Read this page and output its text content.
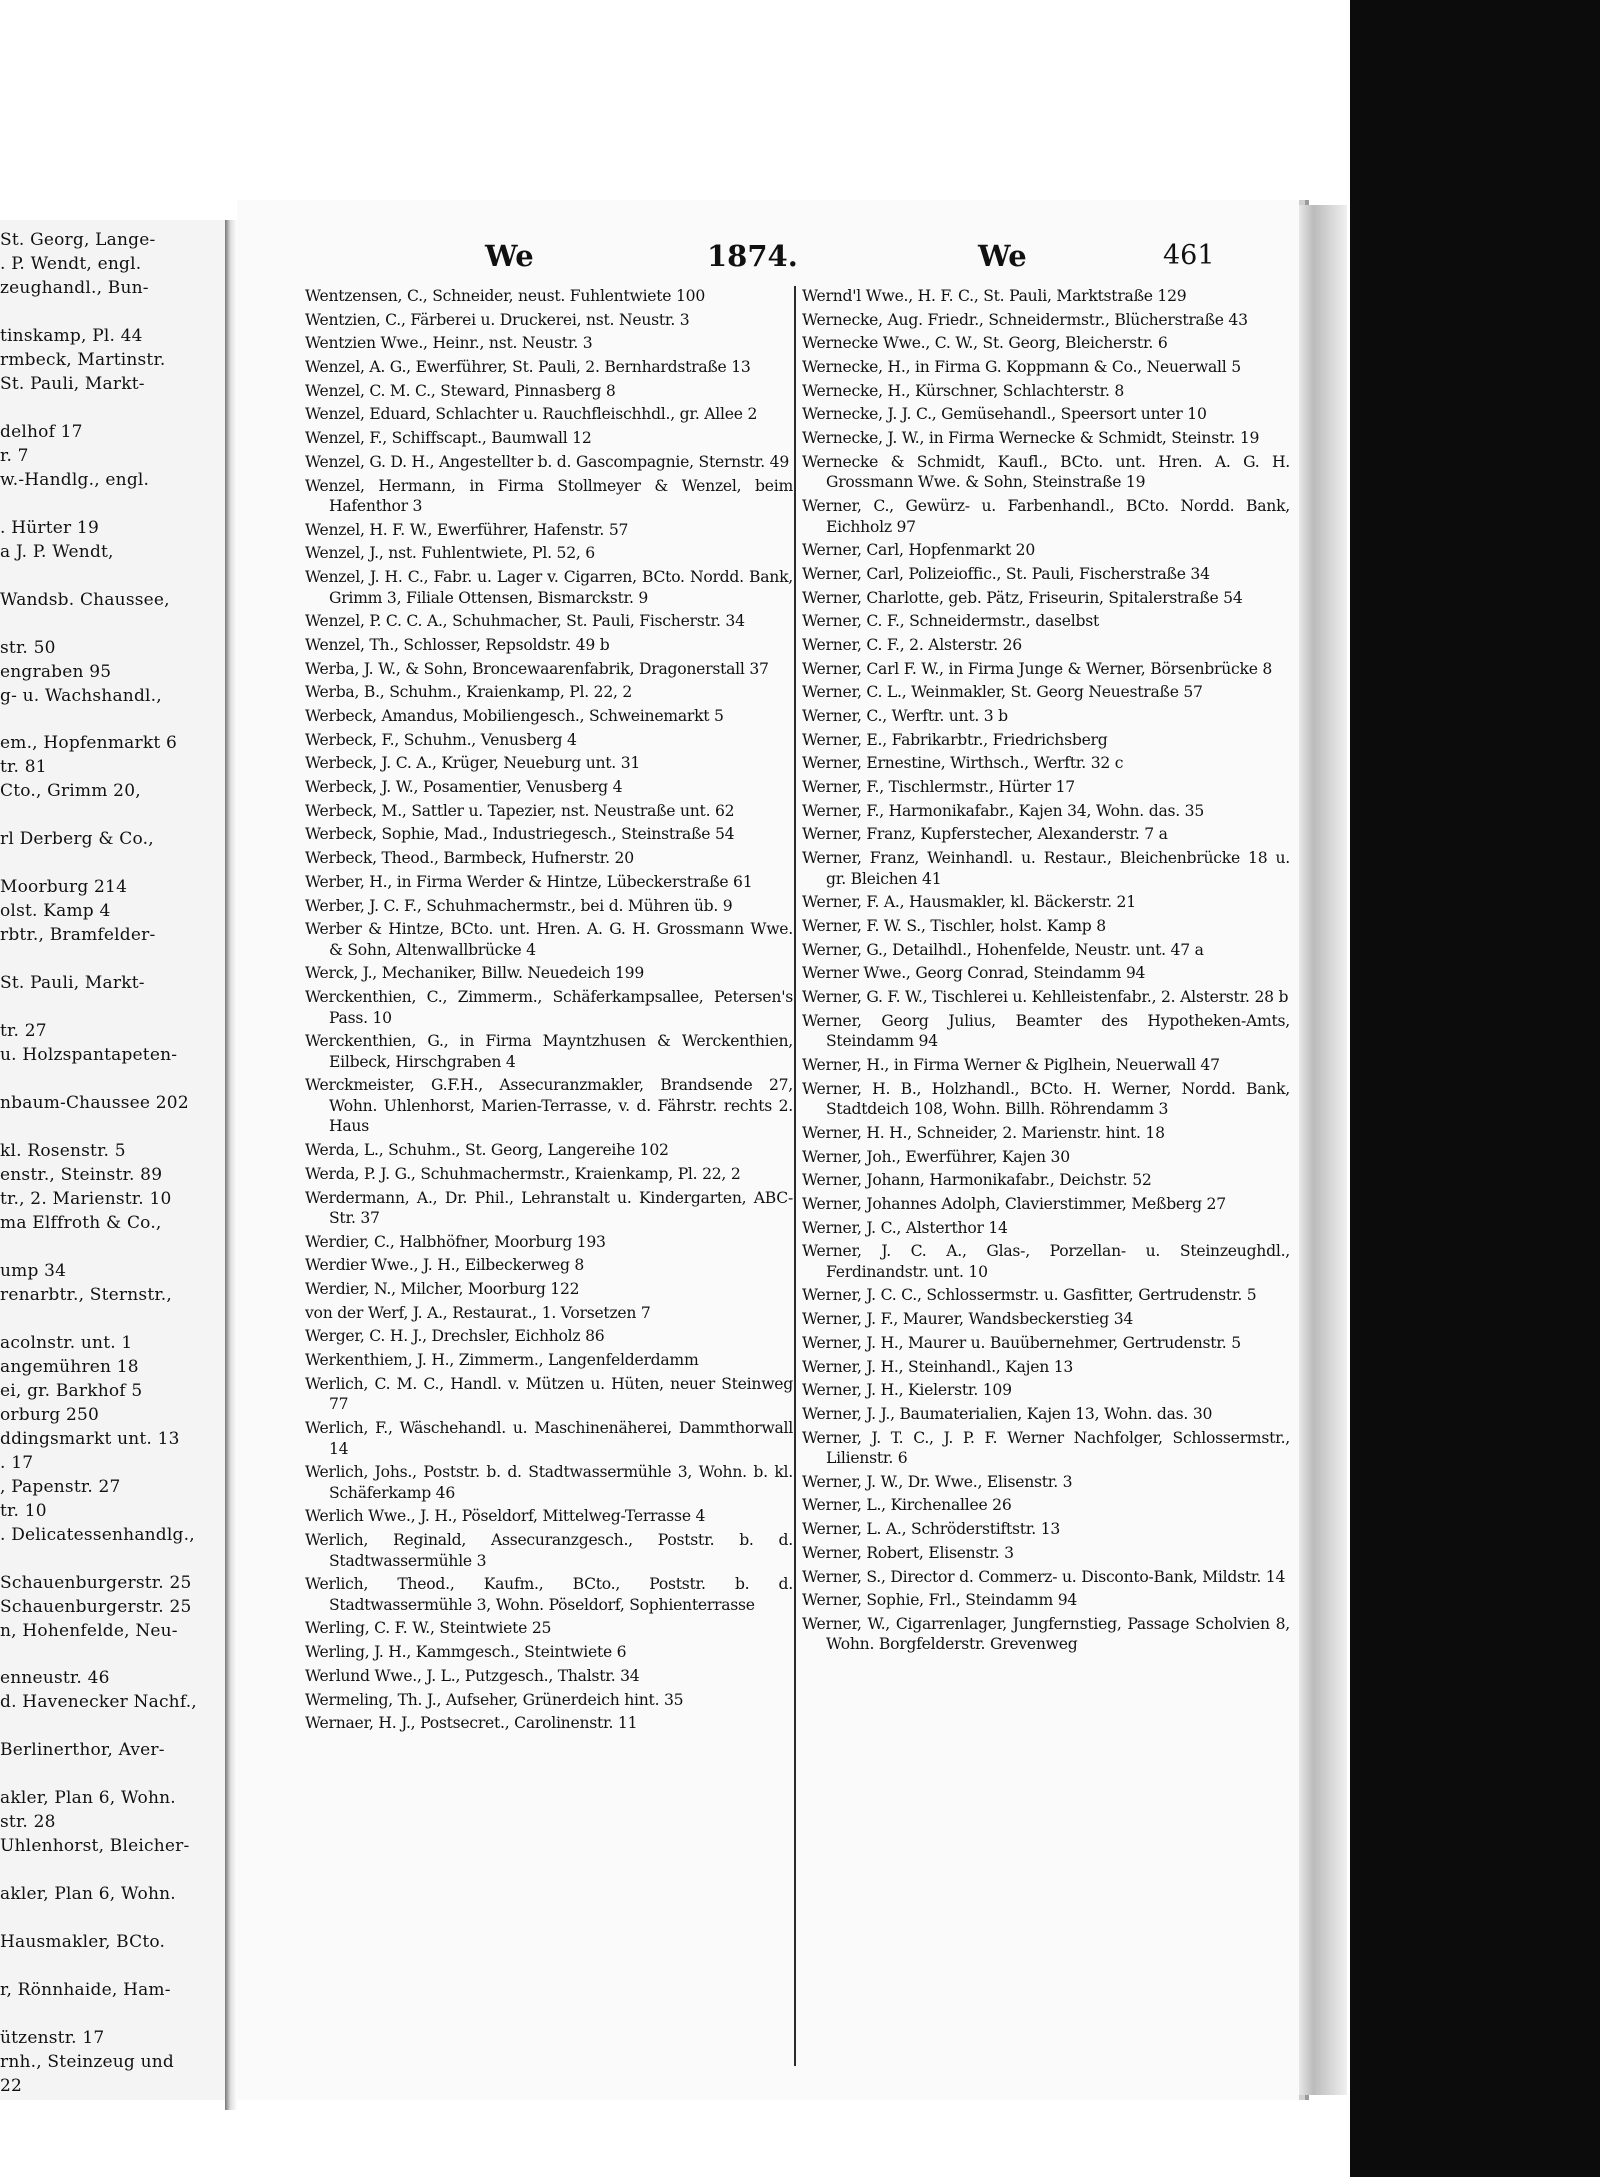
St. Georg, Lange-
. P. Wendt, engl.
zeughandl., Bun-
tinskamp, Pl. 44
rmbeck, Martinstr.
St. Pauli, Markt-
delhof 17
r. 7
w.-Handlg., engl.
. Hürter 19
a J. P. Wendt,
Wandsb. Chaussee,
str. 50
engraben 95
g- u. Wachshandl.,
em., Hopfenmarkt 6
tr. 81
Cto., Grimm 20,
rl Derberg & Co.,
Moorburg 214
olst. Kamp 4
rbtr., Bramfelder-
St. Pauli, Markt-
tr. 27
u. Holzspantapeten-
nbaum-Chaussee 202
kl. Rosenstr. 5
enstr., Steinstr. 89
tr., 2. Marienstr. 10
ma Elffroth & Co.,
ump 34
renarbtr., Sternstr.,
acolnstr. unt. 1
angemühren 18
ei, gr. Barkhof 5
orburg 250
ddingsmarkt unt. 13
. 17
, Papenstr. 27
tr. 10
. Delicatessenhandlg.,
Schauenburgerstr. 25
Schauenburgerstr. 25
n, Hohenfelde, Neu-
enneustr. 46
d. Havenecker Nachf.,
Berlinerthor, Aver-
akler, Plan 6, Wohn.
str. 28
Uhlenhorst, Bleicher-
akler, Plan 6, Wohn.
Hausmakler, BCto.
r, Rönnhaide, Ham-
ützenstr. 17
rnh., Steinzeug und
22
We	1874.	We	461
Wentzensen, C., Schneider, neust. Fuhlentwiete 100
Wentzien, C., Färberei u. Druckerei, nst. Neustr. 3
Wentzien Wwe., Heinr., nst. Neustr. 3
Wenzel, A. G., Ewerführer, St. Pauli, 2. Bernhardstraße 13
Wenzel, C. M. C., Steward, Pinnasberg 8
Wenzel, Eduard, Schlachter u. Rauchfleischhdl., gr. Allee 2
Wenzel, F., Schiffscapt., Baumwall 12
Wenzel, G. D. H., Angestellter b. d. Gascompagnie, Sternstr. 49
Wenzel, Hermann, in Firma Stollmeyer & Wenzel, beim Hafenthor 3
Wenzel, H. F. W., Ewerführer, Hafenstr. 57
Wenzel, J., nst. Fuhlentwiete, Pl. 52, 6
Wenzel, J. H. C., Fabr. u. Lager v. Cigarren, BCto. Nordd. Bank, Grimm 3, Filiale Ottensen, Bismarckstr. 9
Wenzel, P. C. C. A., Schuhmacher, St. Pauli, Fischerstr. 34
Wenzel, Th., Schlosser, Repsoldstr. 49 b
Werba, J. W., & Sohn, Broncewaarenfabrik, Dragonerstall 37
Werba, B., Schuhm., Kraienkamp, Pl. 22, 2
Werbeck, Amandus, Mobiliengesch., Schweinemarkt 5
Werbeck, F., Schuhm., Venusberg 4
Werbeck, J. C. A., Krüger, Neueburg unt. 31
Werbeck, J. W., Posamentier, Venusberg 4
Werbeck, M., Sattler u. Tapezier, nst. Neustraße unt. 62
Werbeck, Sophie, Mad., Industriegesch., Steinstraße 54
Werbeck, Theod., Barmbeck, Hufnerstr. 20
Werber, H., in Firma Werder & Hintze, Lübeckerstraße 61
Werber, J. C. F., Schuhmachermstr., bei d. Mühren üb. 9
Werber & Hintze, BCto. unt. Hren. A. G. H. Grossmann Wwe. & Sohn, Altenwallbrücke 4
Werck, J., Mechaniker, Billw. Neuedeich 199
Werckenthien, C., Zimmerm., Schäferkampsallee, Petersen's Pass. 10
Werckenthien, G., in Firma Mayntzhusen & Werckenthien, Eilbeck, Hirschgraben 4
Werckmeister, G.F.H., Assecuranzmakler, Brandsende 27, Wohn. Uhlenhorst, Marien-Terrasse, v. d. Fährstr. rechts 2. Haus
Werda, L., Schuhm., St. Georg, Langereihe 102
Werda, P. J. G., Schuhmachermstr., Kraienkamp, Pl. 22, 2
Werdermann, A., Dr. Phil., Lehranstalt u. Kindergarten, ABC-Str. 37
Werdier, C., Halbhöfner, Moorburg 193
Werdier Wwe., J. H., Eilbeckerweg 8
Werdier, N., Milcher, Moorburg 122
von der Werf, J. A., Restaurat., 1. Vorsetzen 7
Werger, C. H. J., Drechsler, Eichholz 86
Werkenthiem, J. H., Zimmerm., Langenfelderdamm
Werlich, C. M. C., Handl. v. Mützen u. Hüten, neuer Steinweg 77
Werlich, F., Wäschehandl. u. Maschinenäherei, Dammthorwall 14
Werlich, Johs., Poststr. b. d. Stadtwassermühle 3, Wohn. b. kl. Schäferkamp 46
Werlich Wwe., J. H., Pöseldorf, Mittelweg-Terrasse 4
Werlich, Reginald, Assecuranzgesch., Poststr. b. d. Stadtwassermühle 3
Werlich, Theod., Kaufm., BCto., Poststr. b. d. Stadtwassermühle 3, Wohn. Pöseldorf, Sophienterrasse
Werling, C. F. W., Steintwiete 25
Werling, J. H., Kammgesch., Steintwiete 6
Werlund Wwe., J. L., Putzgesch., Thalstr. 34
Wermeling, Th. J., Aufseher, Grünerdeich hint. 35
Wernaer, H. J., Postsecret., Carolinenstr. 11
Wernd'l Wwe., H. F. C., St. Pauli, Marktstraße 129
Wernecke, Aug. Friedr., Schneidermstr., Blücherstraße 43
Wernecke Wwe., C. W., St. Georg, Bleicherstr. 6
Wernecke, H., in Firma G. Koppmann & Co., Neuerwall 5
Wernecke, H., Kürschner, Schlachterstr. 8
Wernecke, J. J. C., Gemüsehandl., Speersort unter 10
Wernecke, J. W., in Firma Wernecke & Schmidt, Steinstr. 19
Wernecke & Schmidt, Kaufl., BCto. unt. Hren. A. G. H. Grossmann Wwe. & Sohn, Steinstraße 19
Werner, C., Gewürz- u. Farbenhandl., BCto. Nordd. Bank, Eichholz 97
Werner, Carl, Hopfenmarkt 20
Werner, Carl, Polizeioffic., St. Pauli, Fischerstraße 34
Werner, Charlotte, geb. Pätz, Friseurin, Spitalerstraße 54
Werner, C. F., Schneidermstr., daselbst
Werner, C. F., 2. Alsterstr. 26
Werner, Carl F. W., in Firma Junge & Werner, Börsenbrücke 8
Werner, C. L., Weinmakler, St. Georg Neuestraße 57
Werner, C., Werftr. unt. 3 b
Werner, E., Fabrikarbtr., Friedrichsberg
Werner, Ernestine, Wirthsch., Werftr. 32 c
Werner, F., Tischlermstr., Hürter 17
Werner, F., Harmonikafabr., Kajen 34, Wohn. das. 35
Werner, Franz, Kupferstecher, Alexanderstr. 7 a
Werner, Franz, Weinhandl. u. Restaur., Bleichenbrücke 18 u. gr. Bleichen 41
Werner, F. A., Hausmakler, kl. Bäckerstr. 21
Werner, F. W. S., Tischler, holst. Kamp 8
Werner, G., Detailhdl., Hohenfelde, Neustr. unt. 47 a
Werner Wwe., Georg Conrad, Steindamm 94
Werner, G. F. W., Tischlerei u. Kehlleistenfabr., 2. Alsterstr. 28 b
Werner, Georg Julius, Beamter des Hypotheken-Amts, Steindamm 94
Werner, H., in Firma Werner & Piglhein, Neuerwall 47
Werner, H. B., Holzhandl., BCto. H. Werner, Nordd. Bank, Stadtdeich 108, Wohn. Billh. Röhrendamm 3
Werner, H. H., Schneider, 2. Marienstr. hint. 18
Werner, Joh., Ewerführer, Kajen 30
Werner, Johann, Harmonikafabr., Deichstr. 52
Werner, Johannes Adolph, Clavierstimmer, Meßberg 27
Werner, J. C., Alsterthor 14
Werner, J. C. A., Glas-, Porzellan- u. Steinzeughdl., Ferdinandstr. unt. 10
Werner, J. C. C., Schlossermstr. u. Gasfitter, Gertrudenstr. 5
Werner, J. F., Maurer, Wandsbeckerstieg 34
Werner, J. H., Maurer u. Bauübernehmer, Gertrudenstr. 5
Werner, J. H., Steinhandl., Kajen 13
Werner, J. H., Kielerstr. 109
Werner, J. J., Baumaterialien, Kajen 13, Wohn. das. 30
Werner, J. T. C., J. P. F. Werner Nachfolger, Schlossermstr., Lilienstr. 6
Werner, J. W., Dr. Wwe., Elisenstr. 3
Werner, L., Kirchenallee 26
Werner, L. A., Schröderstiftstr. 13
Werner, Robert, Elisenstr. 3
Werner, S., Director d. Commerz- u. Disconto-Bank, Mildstr. 14
Werner, Sophie, Frl., Steindamm 94
Werner, W., Cigarrenlager, Jungfernstieg, Passage Scholvien 8, Wohn. Borgfelderstr. Grevenweg
